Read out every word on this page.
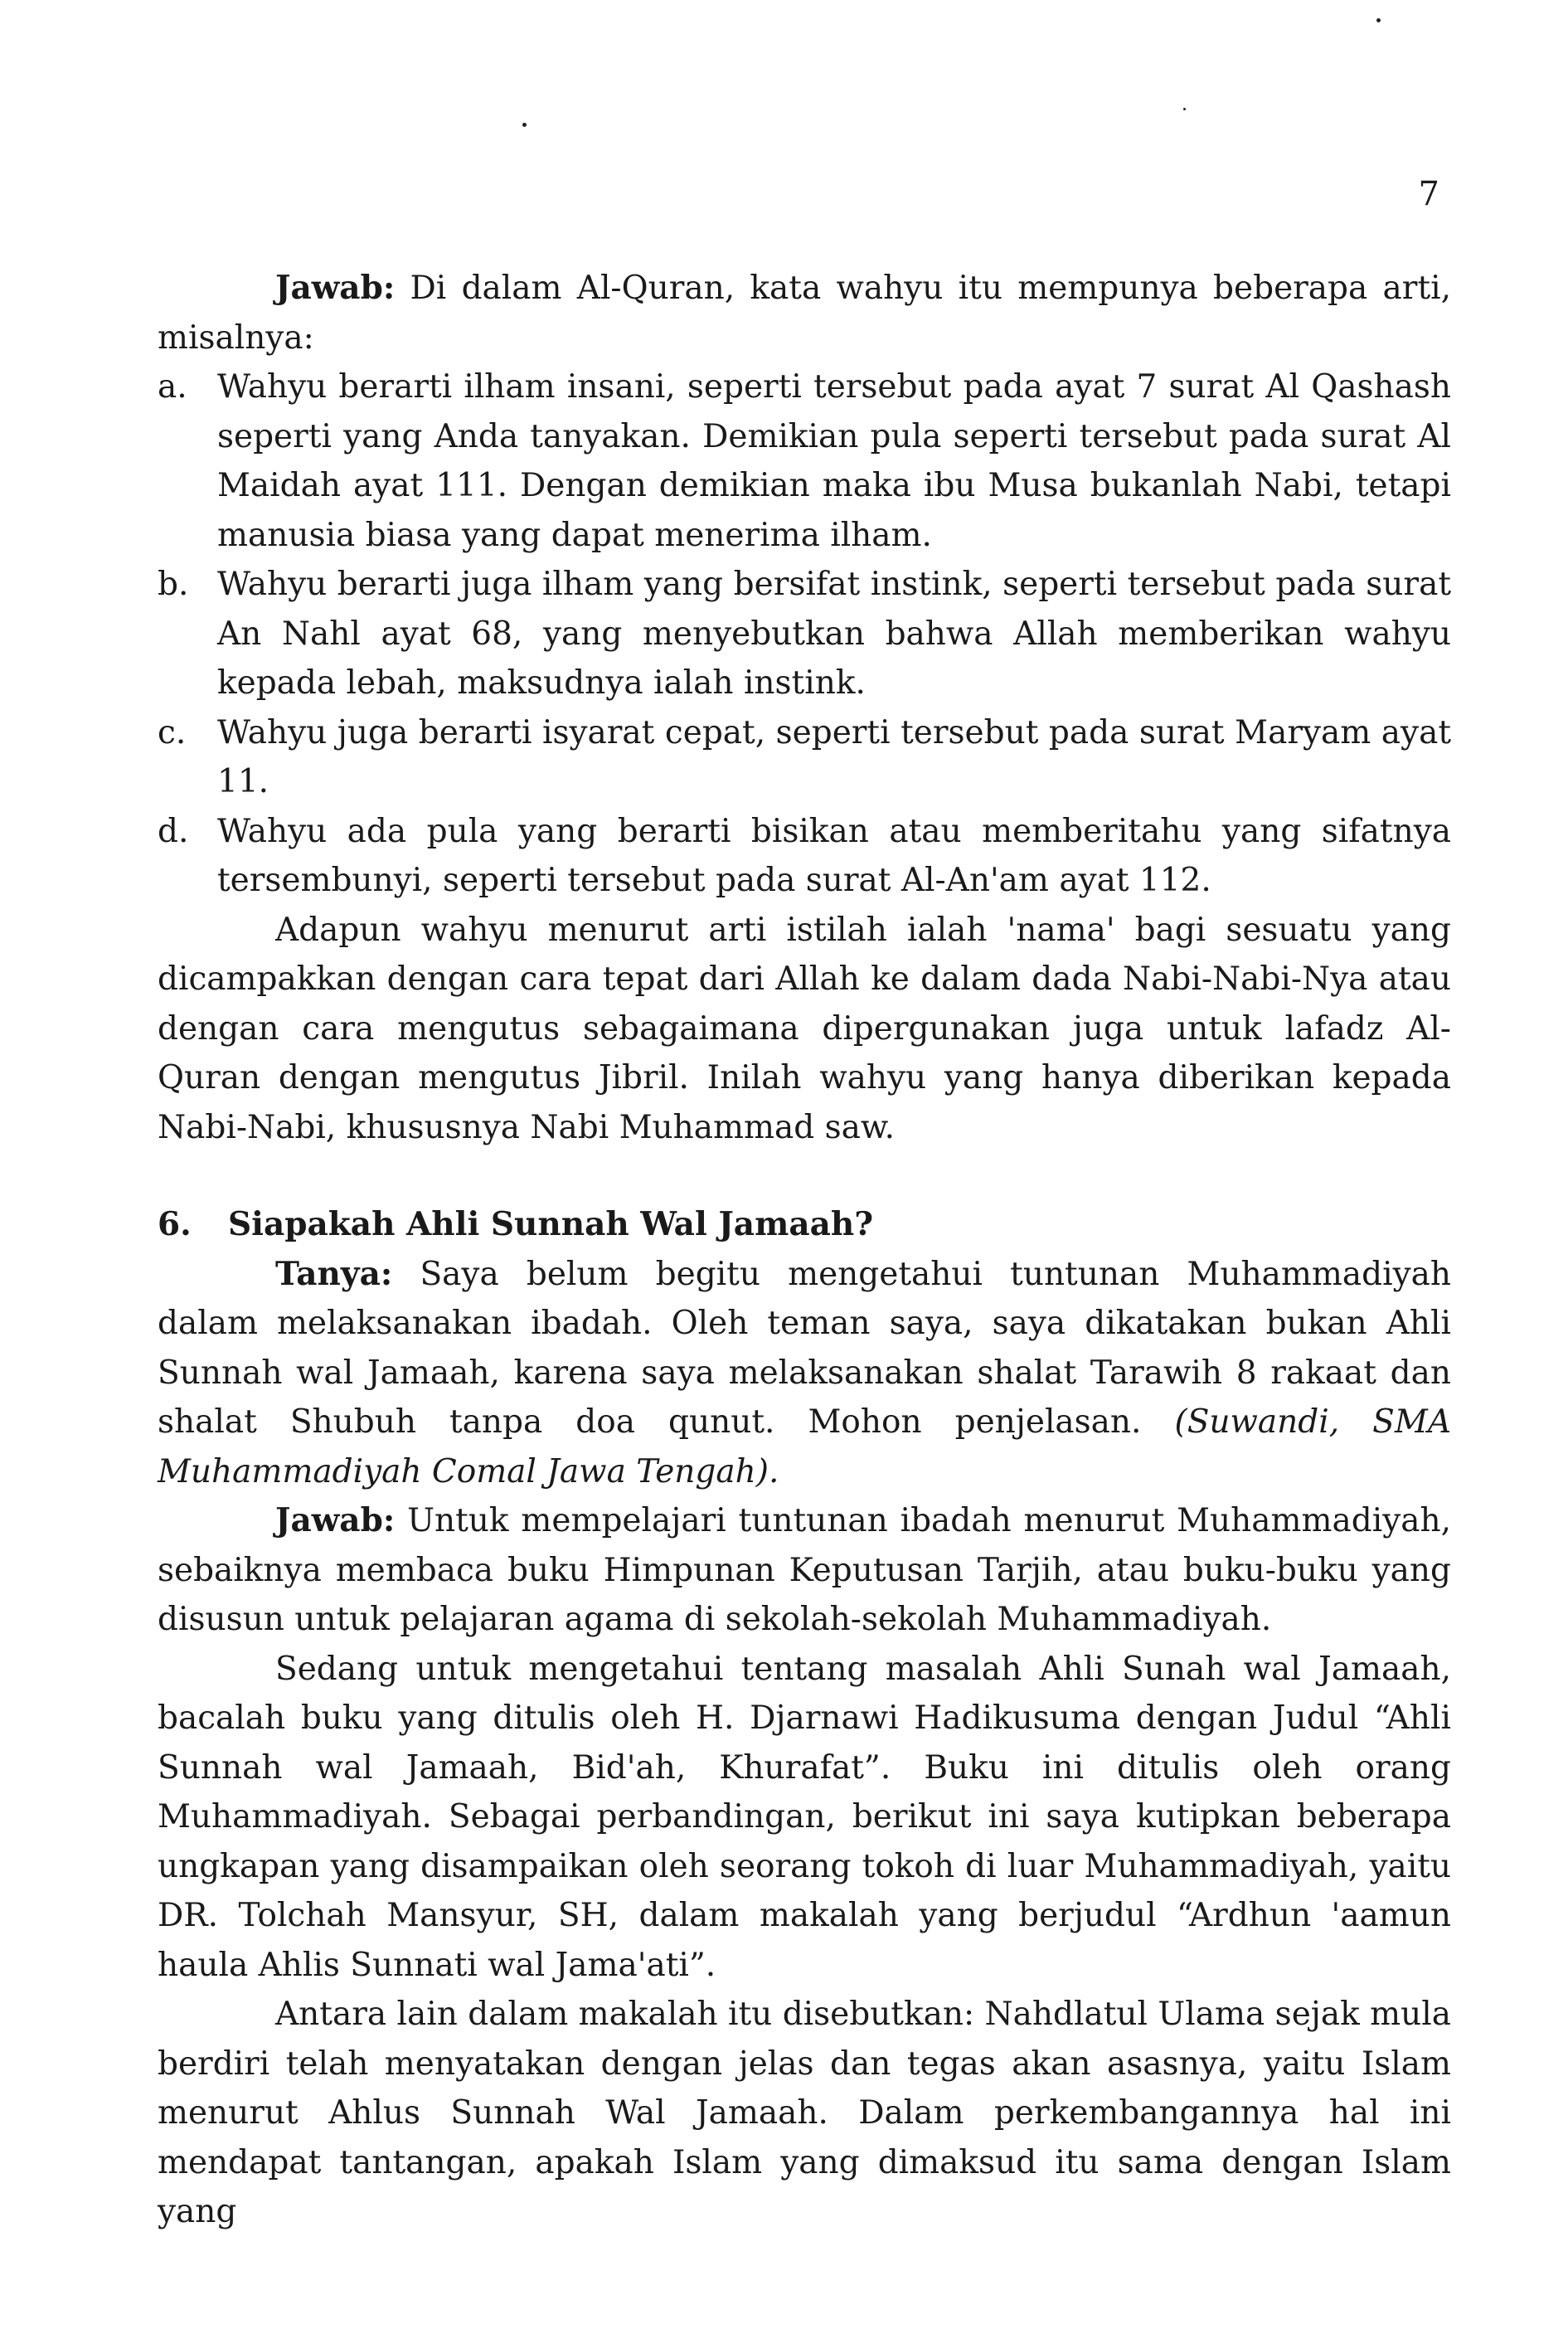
7

Jawab: Di dalam Al-Quran, kata wahyu itu mempunya beberapa arti, misalnya:

a. Wahyu berarti ilham insani, seperti tersebut pada ayat 7 surat Al Qashash seperti yang Anda tanyakan. Demikian pula seperti tersebut pada surat Al Maidah ayat 111. Dengan demikian maka ibu Musa bukanlah Nabi, tetapi manusia biasa yang dapat menerima ilham.
b. Wahyu berarti juga ilham yang bersifat instink, seperti tersebut pada surat An Nahl ayat 68, yang menyebutkan bahwa Allah memberikan wahyu kepada lebah, maksudnya ialah instink.
c. Wahyu juga berarti isyarat cepat, seperti tersebut pada surat Maryam ayat 11.
d. Wahyu ada pula yang berarti bisikan atau memberitahu yang sifatnya tersembunyi, seperti tersebut pada surat Al-An'am ayat 112.

Adapun wahyu menurut arti istilah ialah 'nama' bagi sesuatu yang dicampakkan dengan cara tepat dari Allah ke dalam dada Nabi-Nabi-Nya atau dengan cara mengutus sebagaimana dipergunakan juga untuk lafadz Al-Quran dengan mengutus Jibril. Inilah wahyu yang hanya diberikan kepada Nabi-Nabi, khususnya Nabi Muhammad saw.

6.	Siapakah Ahli Sunnah Wal Jamaah?

Tanya: Saya belum begitu mengetahui tuntunan Muhammadiyah dalam melaksanakan ibadah. Oleh teman saya, saya dikatakan bukan Ahli Sunnah wal Jamaah, karena saya melaksanakan shalat Tarawih 8 rakaat dan shalat Shubuh tanpa doa qunut. Mohon penjelasan. (Suwandi, SMA Muhammadiyah Comal Jawa Tengah).

Jawab: Untuk mempelajari tuntunan ibadah menurut Muhammadiyah, sebaiknya membaca buku Himpunan Keputusan Tarjih, atau buku-buku yang disusun untuk pelajaran agama di sekolah-sekolah Muhammadiyah.

Sedang untuk mengetahui tentang masalah Ahli Sunah wal Jamaah, bacalah buku yang ditulis oleh H. Djarnawi Hadikusuma dengan Judul “Ahli Sunnah wal Jamaah, Bid'ah, Khurafat”. Buku ini ditulis oleh orang Muhammadiyah. Sebagai perbandingan, berikut ini saya kutipkan beberapa ungkapan yang disampaikan oleh seorang tokoh di luar Muhammadiyah, yaitu DR. Tolchah Mansyur, SH, dalam makalah yang berjudul “Ardhun 'aamun haula Ahlis Sunnati wal Jama'ati”.

Antara lain dalam makalah itu disebutkan: Nahdlatul Ulama sejak mula berdiri telah menyatakan dengan jelas dan tegas akan asasnya, yaitu Islam menurut Ahlus Sunnah Wal Jamaah. Dalam perkembangannya hal ini mendapat tantangan, apakah Islam yang dimaksud itu sama dengan Islam yang
